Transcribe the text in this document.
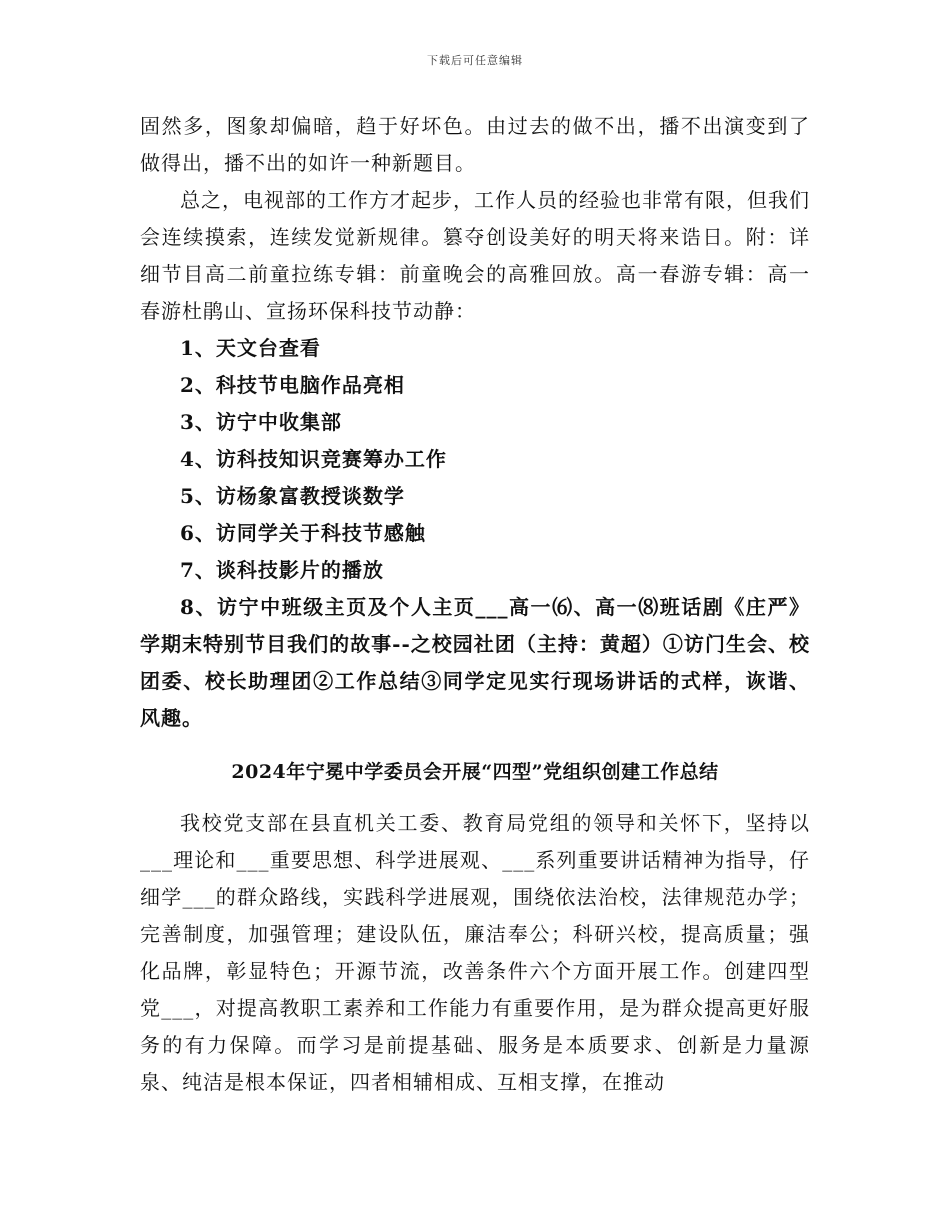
下载后可任意编辑

固然多，图象却偏暗，趋于好坏色。由过去的做不出，播不出演变到了做得出，播不出的如许一种新题目。

总之，电视部的工作方才起步，工作人员的经验也非常有限，但我们会连续摸索，连续发觉新规律。篡夺创设美好的明天将来诰日。附：详细节目高二前童拉练专辑：前童晚会的高雅回放。高一春游专辑：高一春游杜鹃山、宣扬环保科技节动静：

1、天文台查看

2、科技节电脑作品亮相

3、访宁中收集部

4、访科技知识竞赛筹办工作

5、访杨象富教授谈数学

6、访同学关于科技节感触

7、谈科技影片的播放

8、访宁中班级主页及个人主页___高一⑹、高一⑻班话剧《庄严》学期末特别节目我们的故事--之校园社团（主持：黄超）①访门生会、校团委、校长助理团②工作总结③同学定见实行现场讲话的式样，诙谐、风趣。

2024年宁冕中学委员会开展“四型”党组织创建工作总结

我校党支部在县直机关工委、教育局党组的领导和关怀下，坚持以___理论和___重要思想、科学进展观、___系列重要讲话精神为指导，仔细学___的群众路线，实践科学进展观，围绕依法治校，法律规范办学；完善制度，加强管理；建设队伍，廉洁奉公；科研兴校，提高质量；强化品牌，彰显特色；开源节流，改善条件六个方面开展工作。创建四型党___，对提高教职工素养和工作能力有重要作用，是为群众提高更好服务的有力保障。而学习是前提基础、服务是本质要求、创新是力量源泉、纯洁是根本保证，四者相辅相成、互相支撑，在推动
